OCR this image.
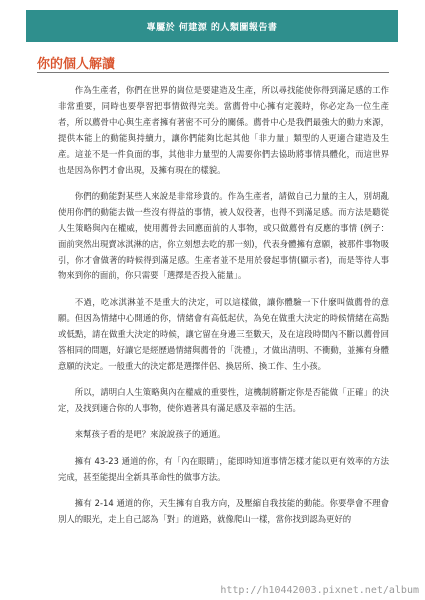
專屬於 何建源 的人類圖報告書
你的個人解讀

作為生產者，你們在世界的崗位是要建造及生產，所以尋找能使你得到滿足感的工作非常重要，同時也要學習把事情做得完美。當薦骨中心擁有定義時，你必定為一位生產者，所以薦骨中心與生產者擁有著密不可分的關係。薦骨中心是我們最強大的動力來源，提供本能上的動能與持續力，讓你們能夠比起其他「非力量」類型的人更適合建造及生產。這並不是一件負面的事，其他非力量型的人需要你們去協助將事情具體化，而這世界也是因為你們才會出現，及擁有現在的樣貌。

你們的動能對某些人來說是非常珍貴的。作為生產者，請做自己力量的主人，別胡亂使用你們的動能去做一些沒有得益的事情，被人奴役著，也得不到滿足感。而方法是聽從人生策略與內在權威，使用薦骨去回應面前的人事物，或只做薦骨有反應的事情 (例子：面前突然出現賣冰淇淋的店，你立刻想去吃的那一刻)，代表身體擁有意願，被那件事物吸引，你才會做著的時候得到滿足感。生產者並不是用於發起事情(顯示者)，而是等待人事物來到你的面前，你只需要「選擇是否投入能量」。

不過，吃冰淇淋並不是重大的決定，可以這樣做，讓你體驗一下什麼叫做薦骨的意願。但因為情緒中心開通的你，情緒會有高低起伏，為免在做重大決定的時候情緒在高點或低點，請在做重大決定的時候，讓它留在身邊三至數天，及在這段時間內不斷以薦骨回答相同的問題，好讓它是經歷過情緒與薦骨的「洗禮」，才做出清明、不衝動，並擁有身體意願的決定。一般重大的決定都是選擇伴侶、換居所、換工作、生小孩。

所以，請明白人生策略與內在權威的重要性，這機制將斷定你是否能做「正確」的決定，及找到適合你的人事物，使你過著具有滿足感及幸福的生活。

來幫孩子看的是吧？來說說孩子的通道。

擁有 43-23 通道的你，有「內在眼睛」，能即時知道事情怎樣才能以更有效率的方法完成，甚至能提出全新具革命性的做事方法。

擁有 2-14 通道的你，天生擁有自我方向，及壓縮自我技能的動能。你要學會不理會別人的眼光，走上自己認為「對」的道路，就像爬山一樣，當你找到認為更好的

http://h10442003.pixnet.net/album
